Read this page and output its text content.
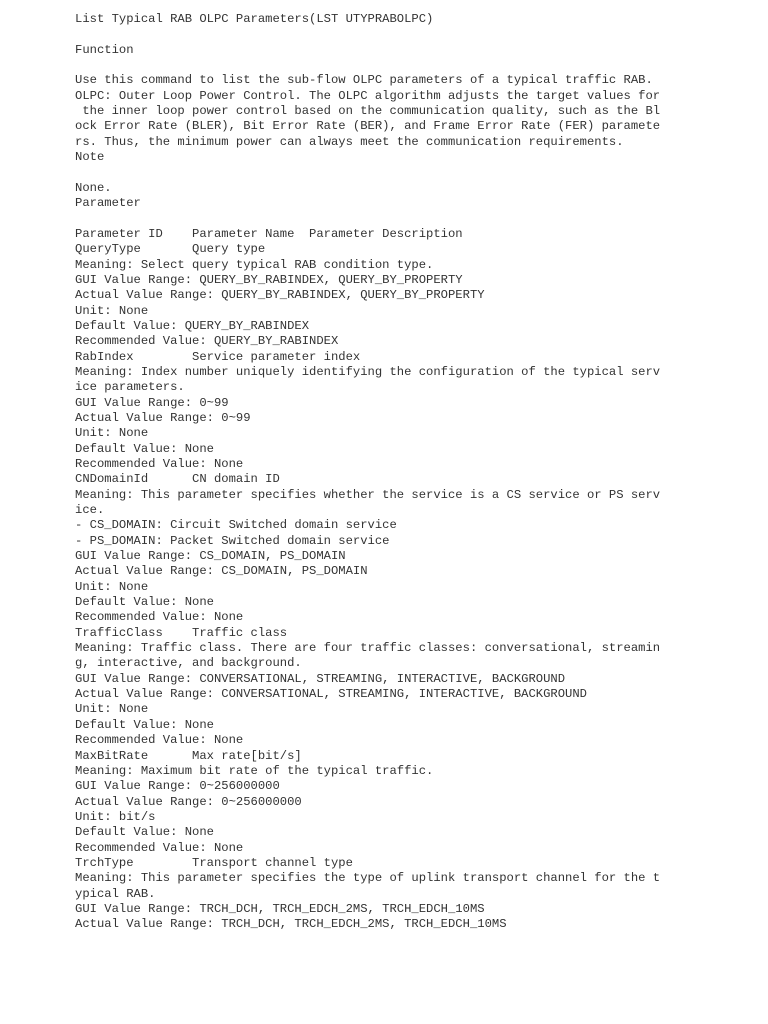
List Typical RAB OLPC Parameters(LST UTYPRABOLPC)
Function
Use this command to list the sub-flow OLPC parameters of a typical traffic RAB.
OLPC: Outer Loop Power Control. The OLPC algorithm adjusts the target values for
the inner loop power control based on the communication quality, such as the Bl
ock Error Rate (BLER), Bit Error Rate (BER), and Frame Error Rate (FER) paramete
rs. Thus, the minimum power can always meet the communication requirements.
Note
None.
Parameter
Parameter ID    Parameter Name  Parameter Description
QueryType       Query type
Meaning: Select query typical RAB condition type.
GUI Value Range: QUERY_BY_RABINDEX, QUERY_BY_PROPERTY
Actual Value Range: QUERY_BY_RABINDEX, QUERY_BY_PROPERTY
Unit: None
Default Value: QUERY_BY_RABINDEX
Recommended Value: QUERY_BY_RABINDEX
RabIndex        Service parameter index
Meaning: Index number uniquely identifying the configuration of the typical serv
ice parameters.
GUI Value Range: 0~99
Actual Value Range: 0~99
Unit: None
Default Value: None
Recommended Value: None
CNDomainId      CN domain ID
Meaning: This parameter specifies whether the service is a CS service or PS serv
ice.
- CS_DOMAIN: Circuit Switched domain service
- PS_DOMAIN: Packet Switched domain service
GUI Value Range: CS_DOMAIN, PS_DOMAIN
Actual Value Range: CS_DOMAIN, PS_DOMAIN
Unit: None
Default Value: None
Recommended Value: None
TrafficClass    Traffic class
Meaning: Traffic class. There are four traffic classes: conversational, streamin
g, interactive, and background.
GUI Value Range: CONVERSATIONAL, STREAMING, INTERACTIVE, BACKGROUND
Actual Value Range: CONVERSATIONAL, STREAMING, INTERACTIVE, BACKGROUND
Unit: None
Default Value: None
Recommended Value: None
MaxBitRate      Max rate[bit/s]
Meaning: Maximum bit rate of the typical traffic.
GUI Value Range: 0~256000000
Actual Value Range: 0~256000000
Unit: bit/s
Default Value: None
Recommended Value: None
TrchType        Transport channel type
Meaning: This parameter specifies the type of uplink transport channel for the t
ypical RAB.
GUI Value Range: TRCH_DCH, TRCH_EDCH_2MS, TRCH_EDCH_10MS
Actual Value Range: TRCH_DCH, TRCH_EDCH_2MS, TRCH_EDCH_10MS
